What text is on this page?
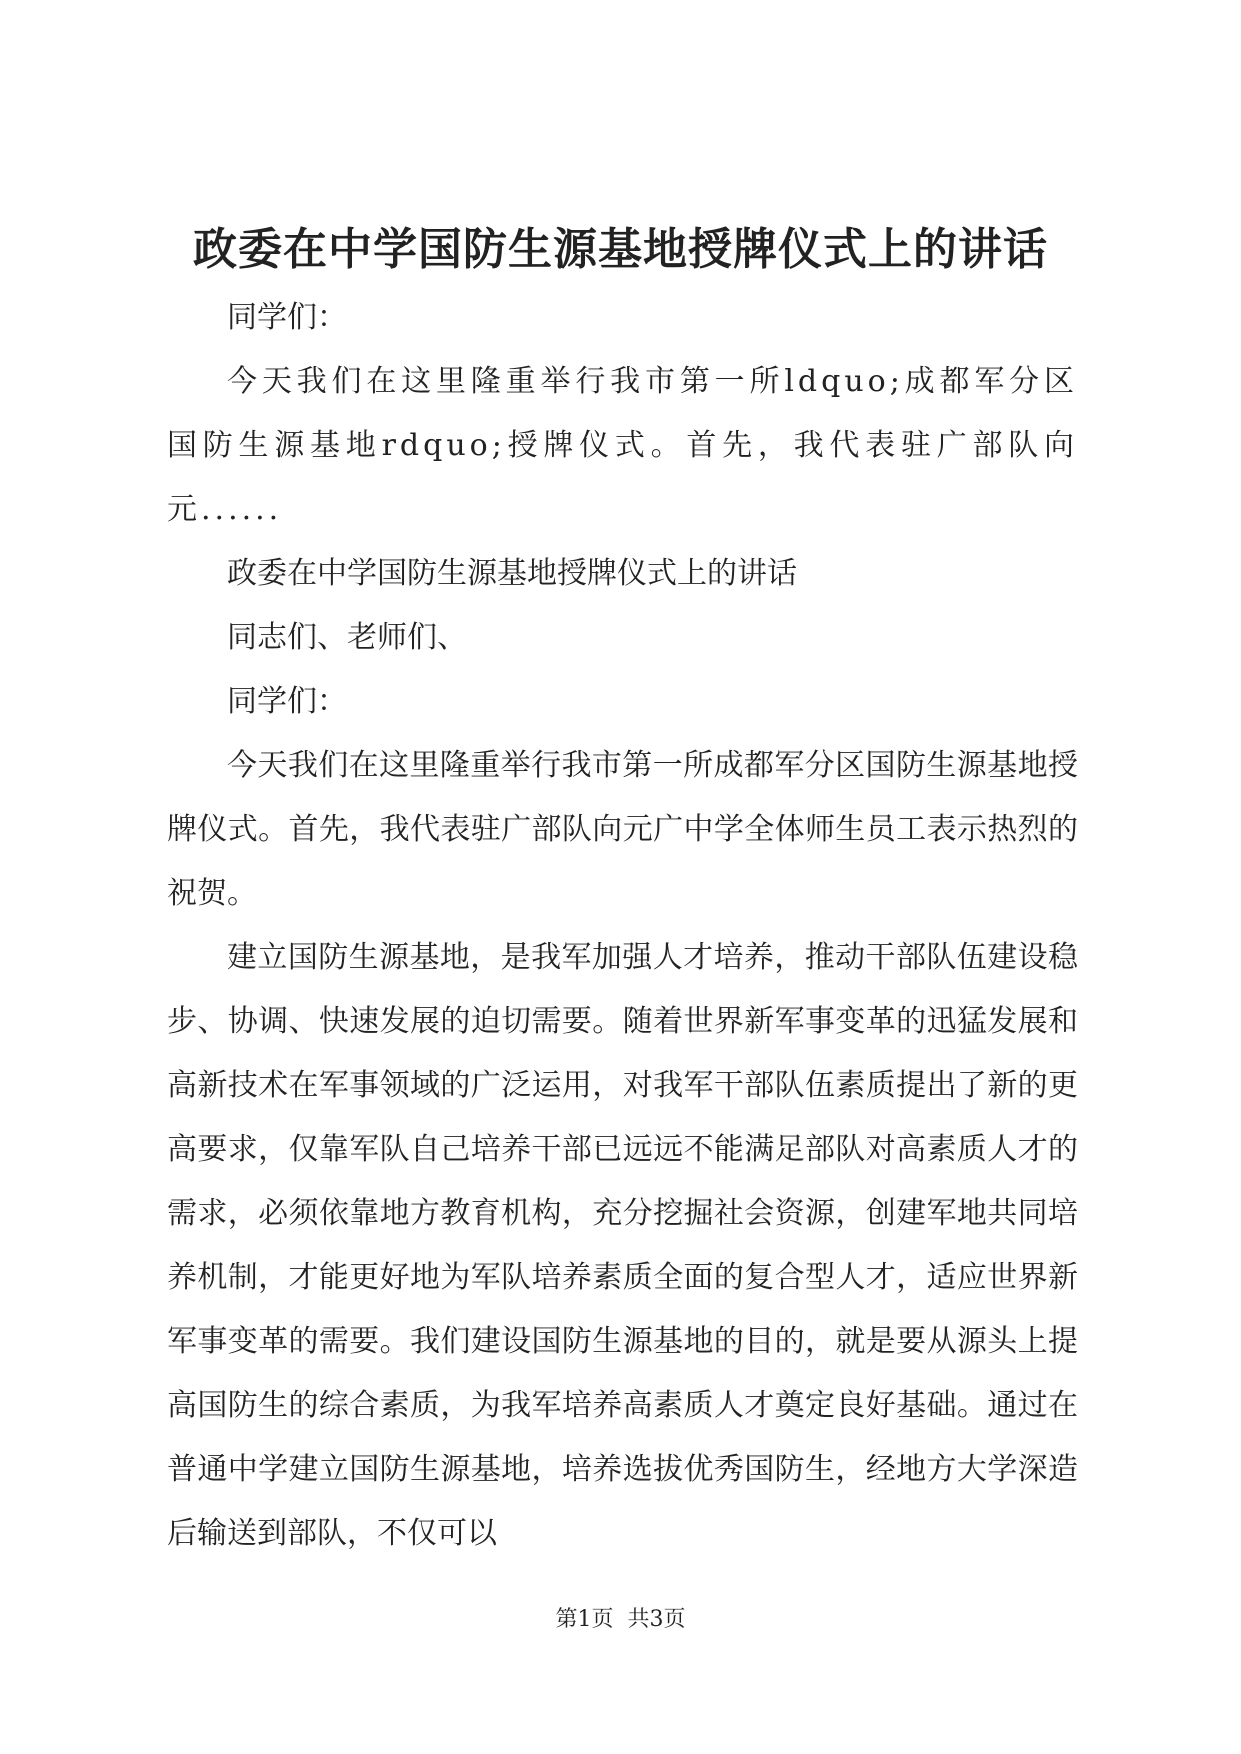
政委在中学国防生源基地授牌仪式上的讲话

同学们：

今天我们在这里隆重举行我市第一所ldquo;成都军分区国防生源基地rdquo;授牌仪式。首先，我代表驻广部队向元......

政委在中学国防生源基地授牌仪式上的讲话

同志们、老师们、

同学们：

今天我们在这里隆重举行我市第一所成都军分区国防生源基地授牌仪式。首先，我代表驻广部队向元广中学全体师生员工表示热烈的祝贺。

建立国防生源基地，是我军加强人才培养，推动干部队伍建设稳步、协调、快速发展的迫切需要。随着世界新军事变革的迅猛发展和高新技术在军事领域的广泛运用，对我军干部队伍素质提出了新的更高要求，仅靠军队自己培养干部已远远不能满足部队对高素质人才的需求，必须依靠地方教育机构，充分挖掘社会资源，创建军地共同培养机制，才能更好地为军队培养素质全面的复合型人才，适应世界新军事变革的需要。我们建设国防生源基地的目的，就是要从源头上提高国防生的综合素质，为我军培养高素质人才奠定良好基础。通过在普通中学建立国防生源基地，培养选拔优秀国防生，经地方大学深造后输送到部队，不仅可以

第1页  共3页
